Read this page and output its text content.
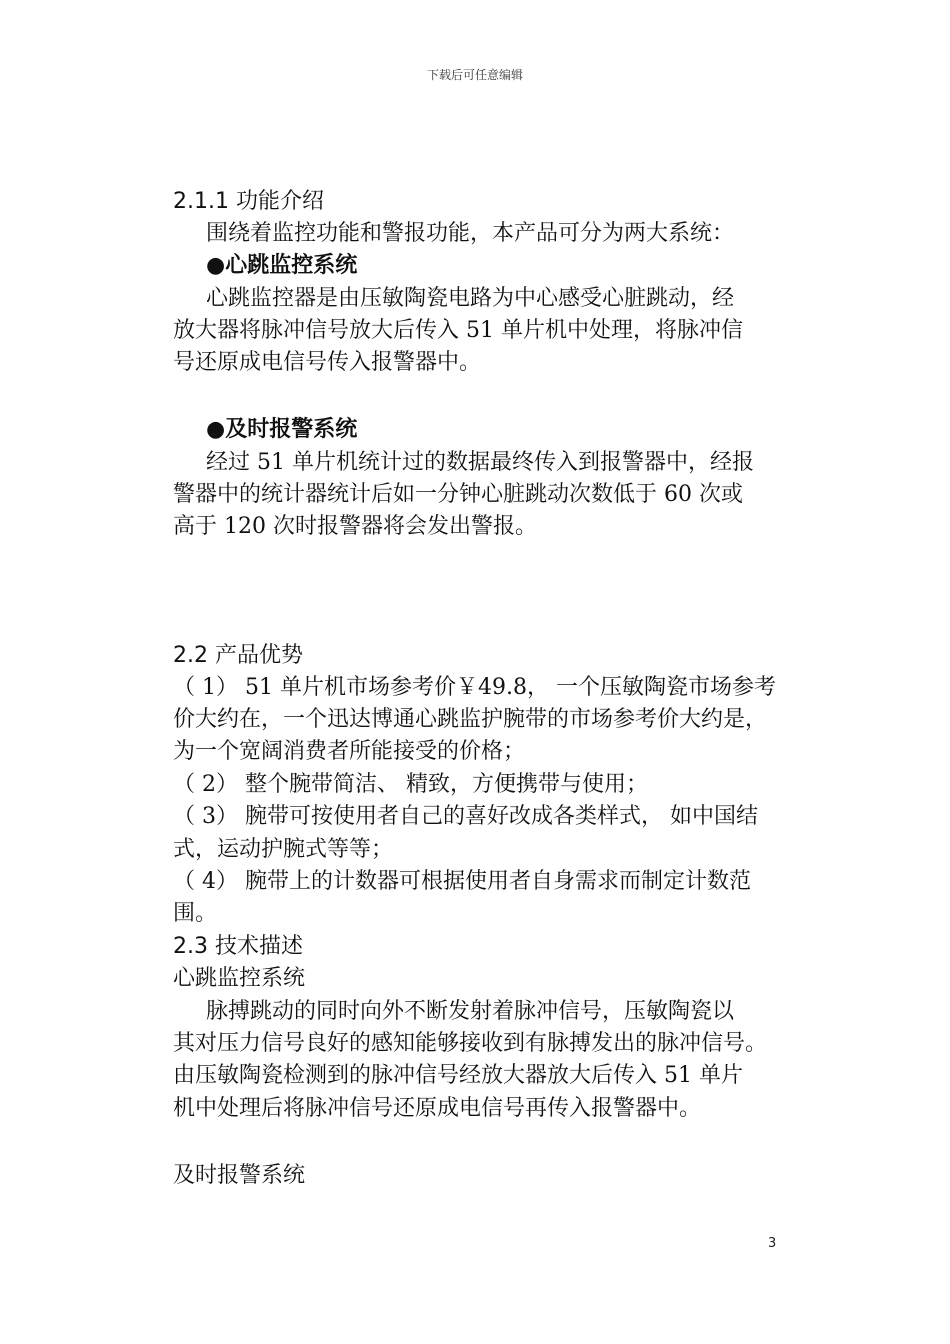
下载后可任意编辑
2.1.1 功能介绍
围绕着监控功能和警报功能，本产品可分为两大系统：
●心跳监控系统
心跳监控器是由压敏陶瓷电路为中心感受心脏跳动，经
放大器将脉冲信号放大后传入 51 单片机中处理，将脉冲信
号还原成电信号传入报警器中。
●及时报警系统
经过 51 单片机统计过的数据最终传入到报警器中，经报
警器中的统计器统计后如一分钟心脏跳动次数低于 60 次或
高于 120 次时报警器将会发出警报。
2.2 产品优势
（ 1） 51 单片机市场参考价￥49.8， 一个压敏陶瓷市场参考
价大约在，一个迅达博通心跳监护腕带的市场参考价大约是，
为一个宽阔消费者所能接受的价格；
（ 2） 整个腕带简洁、 精致，方便携带与使用；
（ 3） 腕带可按使用者自己的喜好改成各类样式， 如中国结
式，运动护腕式等等；
（ 4） 腕带上的计数器可根据使用者自身需求而制定计数范
围。
2.3 技术描述
心跳监控系统
脉搏跳动的同时向外不断发射着脉冲信号，压敏陶瓷以
其对压力信号良好的感知能够接收到有脉搏发出的脉冲信号。
由压敏陶瓷检测到的脉冲信号经放大器放大后传入 51 单片
机中处理后将脉冲信号还原成电信号再传入报警器中。
及时报警系统
3
